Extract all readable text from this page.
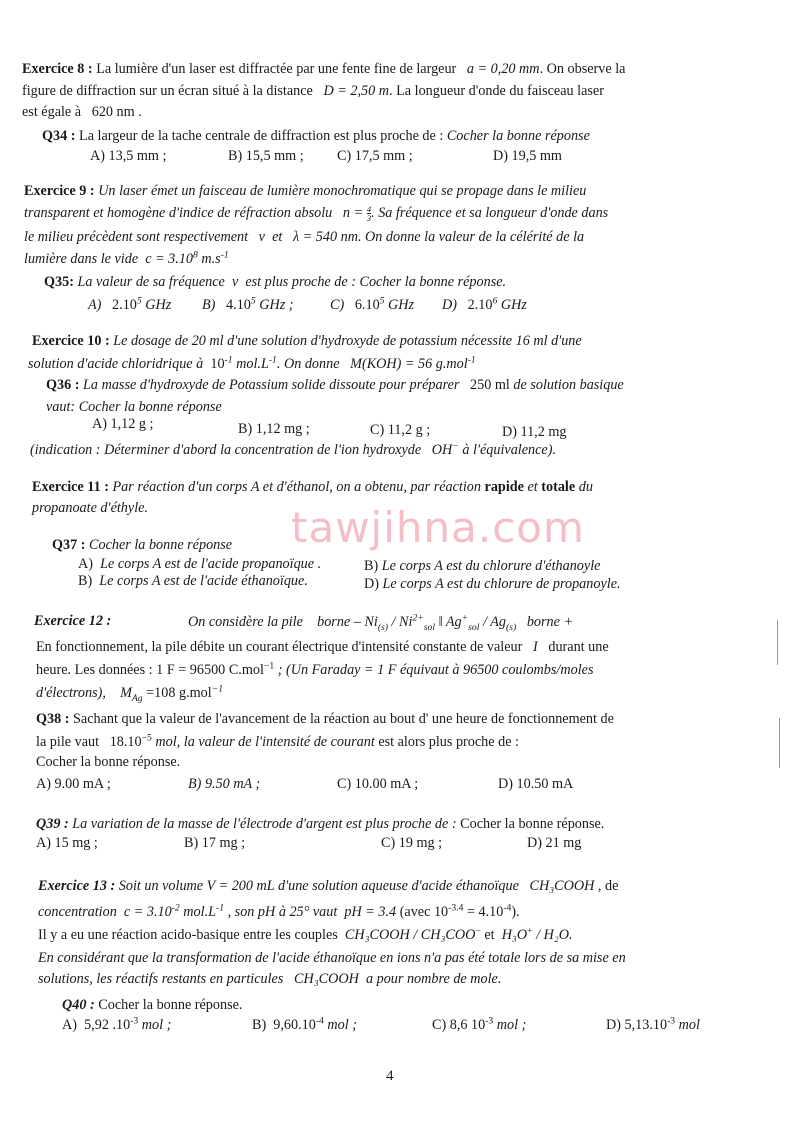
tawjihna.com
Exercice 8 : La lumière d'un laser est diffractée par une fente fine de largeur a = 0,20 mm. On observe la
figure de diffraction sur un écran situé à la distance D = 2,50 m. La longueur d'onde du faisceau laser
est égale à 620 nm .
Q34 : La largeur de la tache centrale de diffraction est plus proche de : Cocher la bonne réponse
A) 13,5 mm ;	B) 15,5 mm ; C) 17,5 mm ;	D) 19,5 mm
Exercice 9 : Un laser émet un faisceau de lumière monochromatique qui se propage dans le milieu
transparent et homogène d'indice de réfraction absolu $n = \frac{4}{3}$ . Sa fréquence et sa longueur d'onde dans
le milieu précèdent sont respectivement ν et λ = 540 nm. On donne la valeur de la célérité de la
lumière dans le vide $c = 3.10^8$ $m.s^{-1}$
Q35: La valeur de sa fréquence ν est plus proche de : Cocher la bonne réponse.
A) 2.10$^5$ GHz B) 4.10$^5$ GHz ;	C) 6.10$^5$ GHz D) 2.10$^6$ GHz
Exercice 10 : Le dosage de 20 ml d'une solution d'hydroxyde de potassium nécessite 16 ml d'une
solution d'acide chloridrique à $10^{-1}$ $mol.L^{-1}$. On donne M(KOH) = 56 g.mol$^{-1}$
Q36 : La masse d'hydroxyde de Potassium solide dissoute pour préparer 250 ml de solution basique
vaut: Cocher la bonne réponse
A) 1,12 g ;	B) 1,12 mg ;	C) 11,2 g ;	D) 11,2 mg
(indication : Déterminer d'abord la concentration de l'ion hydroxyde OH− à l'équivalence).
Exercice 11 : Par réaction d'un corps A et d'éthanol, on a obtenu, par réaction rapide et totale du
propanoate d'éthyle.
Q37 : Cocher la bonne réponse
A) Le corps A est de l'acide propanoïque .	B) Le corps A est du chlorure d'éthanoyle
B) Le corps A est de l'acide éthanoïque.	D) Le corps A est du chlorure de propanoyle.
Exercice 12 :	On considère la pile borne – $Ni_{(s)} / Ni^{2+}_{sol}$ ‖ $Ag^+_{sol} / Ag_{(s)}$ borne +
En fonctionnement, la pile débite un courant électrique d'intensité constante de valeur I durant une
heure. Les données : 1 F = 96500 C.mol$^{-1}$ ; (Un Faraday = 1 F équivaut à 96500 coulombs/moles
d'électrons), $M_{Ag} =108$ g.mol$^{-1}$
Q38 : Sachant que la valeur de l'avancement de la réaction au bout d' une heure de fonctionnement de
la pile vaut $18.10^{-5}$ mol, la valeur de l'intensité de courant est alors plus proche de :
Cocher la bonne réponse.
A) 9.00 mA ;	B) 9.50 mA ;	C) 10.00 mA ;	D) 10.50 mA
Q39 : La variation de la masse de l'électrode d'argent est plus proche de : Cocher la bonne réponse.
A) 15 mg ;	B) 17 mg ;	C) 19 mg ;	D) 21 mg
Exercice 13 : Soit un volume V = 200 mL d'une solution aqueuse d'acide éthanoïque CH₃COOH , de
concentration $c = 3.10^{-2}$ $mol.L^{-1}$ , son pH à 25° vaut pH = 3.4 (avec $10^{-3.4} = 4.10^{-4}$).
Il y a eu une réaction acido-basique entre les couples CH₃COOH / CH₃COO− et H₃O+ / H₂O.
En considérant que la transformation de l'acide éthanoïque en ions n'a pas été totale lors de sa mise en
solutions, les réactifs restants en particules CH₃COOH a pour nombre de mole.
Q40 : Cocher la bonne réponse.
A) 5,92 $.10^{-3}$ mol ;	B) $9,60.10^{-4}$ mol ;	C) 8,6 $10^{-3}$ mol ;	D) $5,13.10^{-3}$ mol
4
